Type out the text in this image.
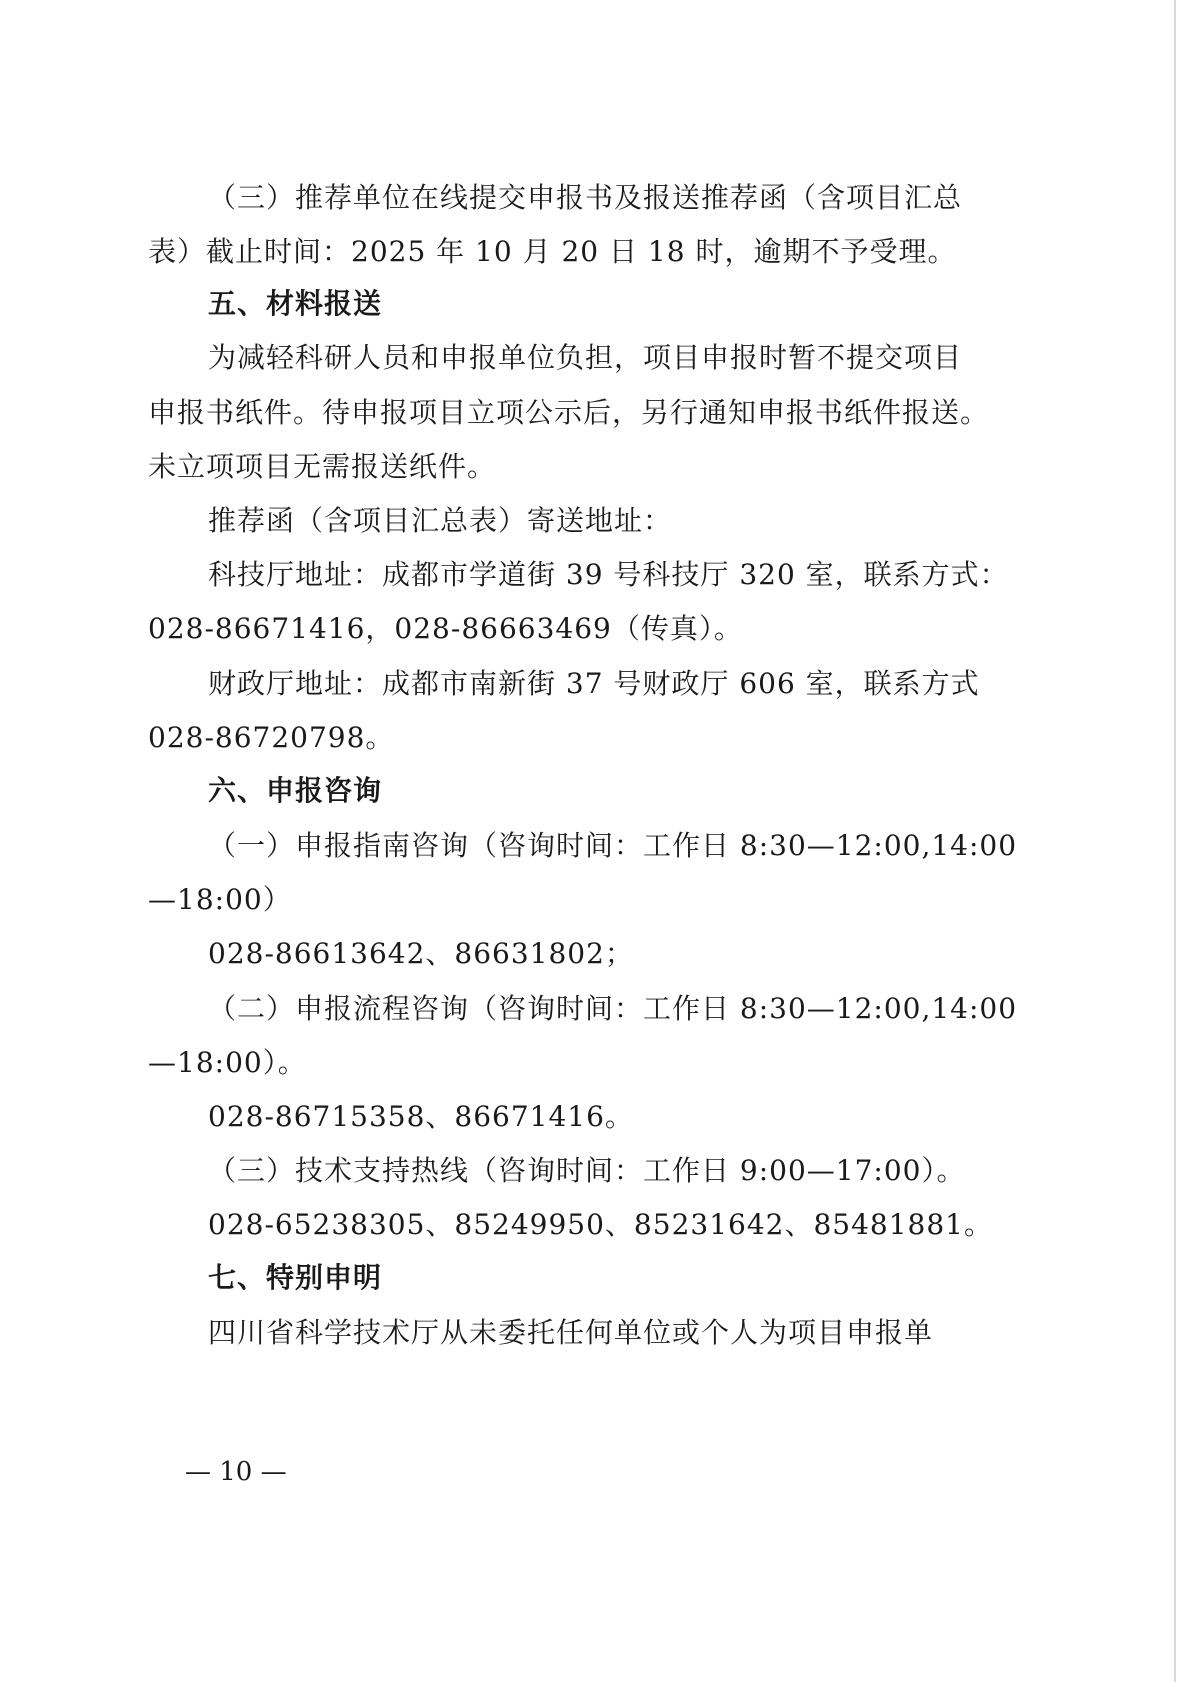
（三）推荐单位在线提交申报书及报送推荐函（含项目汇总
表）截止时间：2025 年 10 月 20 日 18 时，逾期不予受理。
五、材料报送
为减轻科研人员和申报单位负担，项目申报时暂不提交项目
申报书纸件。待申报项目立项公示后，另行通知申报书纸件报送。
未立项项目无需报送纸件。
推荐函（含项目汇总表）寄送地址：
科技厅地址：成都市学道街 39 号科技厅 320 室，联系方式：
028-86671416，028-86663469（传真）。
财政厅地址：成都市南新街 37 号财政厅 606 室，联系方式
028-86720798。
六、申报咨询
（一）申报指南咨询（咨询时间：工作日 8:30—12:00,14:00
—18:00）
028-86613642、86631802；
（二）申报流程咨询（咨询时间：工作日 8:30—12:00,14:00
—18:00）。
028-86715358、86671416。
（三）技术支持热线（咨询时间：工作日 9:00—17:00）。
028-65238305、85249950、85231642、85481881。
七、特别申明
四川省科学技术厅从未委托任何单位或个人为项目申报单
— 10 —
